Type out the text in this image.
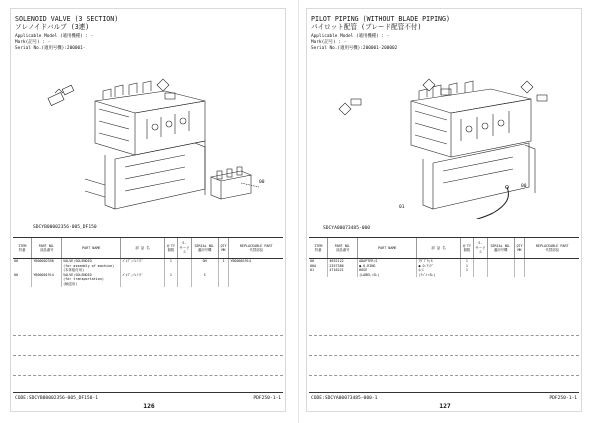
SOLENOID VALVE (3 SECTION)
ソレノイドバルブ (3連)
Applicable Model (適用機種) : -
Mark(記号) : -
Serial No.(適用号機):200001-
00
SDCYB00002356-005_DF150
ITEM
符番	PART NO.
部品番号	PART NAME	部 品 名	Q'TY
個数	S.
サービス	SERIAL NO.
適用号機	QTY
MK	REPLACEABLE PART
代替部品
00	YB00002356	VALVE;SOLENOID	ﾊﾞﾙﾌﾞ;ｿﾚﾉｲﾄﾞ	1		OH	1	YB00001914
		(for assembly of machine)						
		(本体組付用)						
00	YB00001914	VALVE;SOLENOID	ﾊﾞﾙﾌﾞ;ｿﾚﾉｲﾄﾞ	1		S		
		(for transportation)						
		(輸送用)						
CODE:SDCYB00002356-005_DF150-1
126
PDF250-1-1
PILOT PIPING (WITHOUT BLADE PIPING)
パイロット配管 (ブレード配管不付)
Applicable Model (適用機種) : -
Mark(記号) : -
Serial No.(適用号機):200001-200002
00
01
SDCYA00073485-000
ITEM
符番	PART NO.
部品番号	PART NAME	部 品 名	Q'TY
個数	S.
サービス	SERIAL NO.
適用号機	QTY
MK	REPLACEABLE PART
代替部品
00	4652122	ADAPTER;S	ｱﾀﾞﾌﾟﾀ;S	1				
00A	2357386	● O-RING	● O-ﾘﾝｸﾞ	1				
01	4716221	HOSE	ﾎｰｽ	1				
		(LABEL:SL)	(ﾗﾍﾞﾙ:SL)					
CODE:SDCYA00073485-000-1
127
PDF250-1-1
